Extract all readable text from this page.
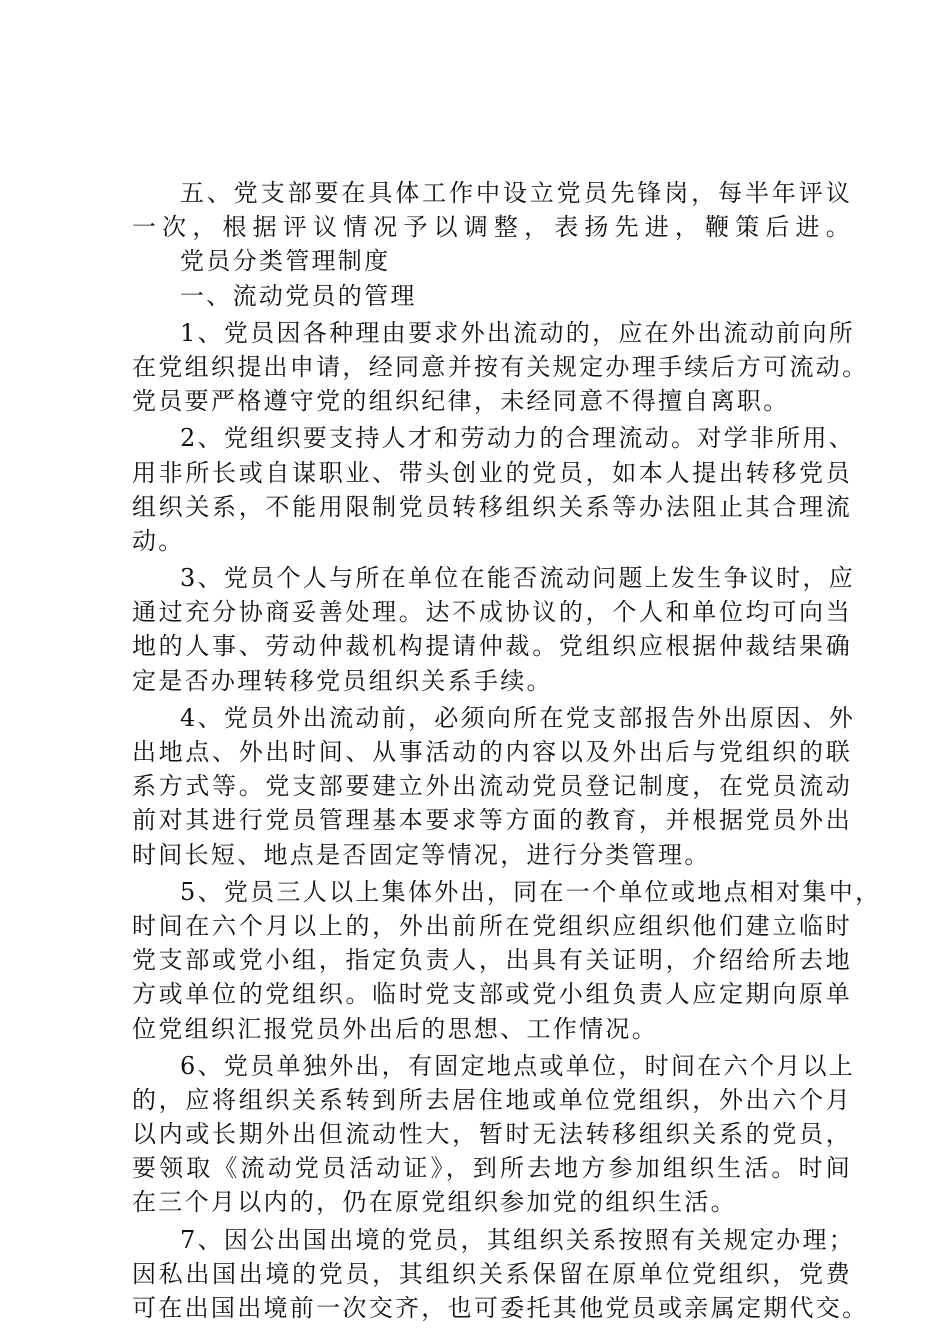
五、党支部要在具体工作中设立党员先锋岗，每半年评议
一次，根据评议情况予以调整，表扬先进，鞭策后进。
党员分类管理制度
一、流动党员的管理
1、党员因各种理由要求外出流动的，应在外出流动前向所
在党组织提出申请，经同意并按有关规定办理手续后方可流动。
党员要严格遵守党的组织纪律，未经同意不得擅自离职。
2、党组织要支持人才和劳动力的合理流动。对学非所用、
用非所长或自谋职业、带头创业的党员，如本人提出转移党员
组织关系，不能用限制党员转移组织关系等办法阻止其合理流
动。
3、党员个人与所在单位在能否流动问题上发生争议时，应
通过充分协商妥善处理。达不成协议的，个人和单位均可向当
地的人事、劳动仲裁机构提请仲裁。党组织应根据仲裁结果确
定是否办理转移党员组织关系手续。
4、党员外出流动前，必须向所在党支部报告外出原因、外
出地点、外出时间、从事活动的内容以及外出后与党组织的联
系方式等。党支部要建立外出流动党员登记制度，在党员流动
前对其进行党员管理基本要求等方面的教育，并根据党员外出
时间长短、地点是否固定等情况，进行分类管理。
5、党员三人以上集体外出，同在一个单位或地点相对集中，
时间在六个月以上的，外出前所在党组织应组织他们建立临时
党支部或党小组，指定负责人，出具有关证明，介绍给所去地
方或单位的党组织。临时党支部或党小组负责人应定期向原单
位党组织汇报党员外出后的思想、工作情况。
6、党员单独外出，有固定地点或单位，时间在六个月以上
的，应将组织关系转到所去居住地或单位党组织，外出六个月
以内或长期外出但流动性大，暂时无法转移组织关系的党员，
要领取《流动党员活动证》，到所去地方参加组织生活。时间
在三个月以内的，仍在原党组织参加党的组织生活。
7、因公出国出境的党员，其组织关系按照有关规定办理；
因私出国出境的党员，其组织关系保留在原单位党组织，党费
可在出国出境前一次交齐，也可委托其他党员或亲属定期代交。
